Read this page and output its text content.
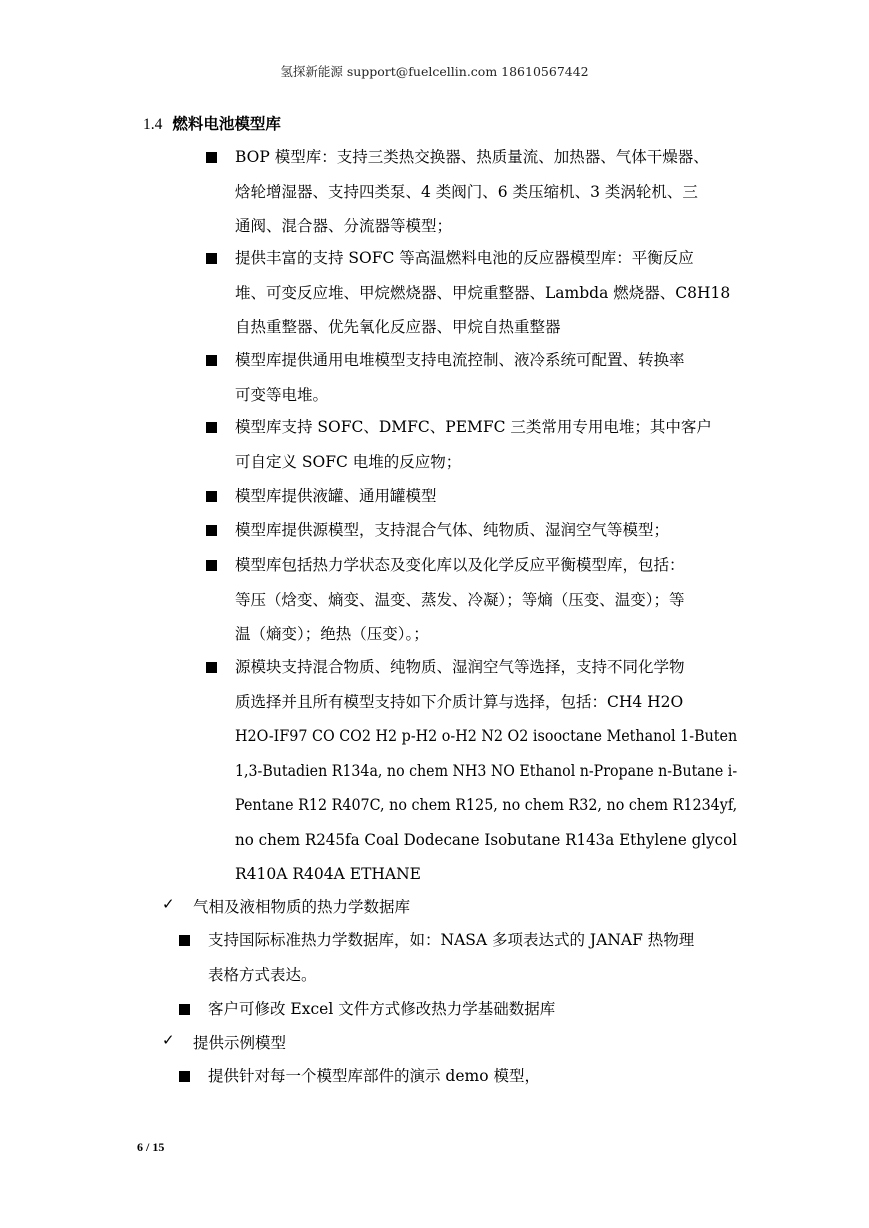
氢探新能源 support@fuelcellin.com 18610567442
1.4 燃料电池模型库
BOP 模型库：支持三类热交换器、热质量流、加热器、气体干燥器、
焓轮增湿器、支持四类泵、4 类阀门、6 类压缩机、3 类涡轮机、三
通阀、混合器、分流器等模型；
提供丰富的支持 SOFC 等高温燃料电池的反应器模型库：平衡反应
堆、可变反应堆、甲烷燃烧器、甲烷重整器、Lambda 燃烧器、C8H18
自热重整器、优先氧化反应器、甲烷自热重整器
模型库提供通用电堆模型支持电流控制、液冷系统可配置、转换率
可变等电堆。
模型库支持 SOFC、DMFC、PEMFC 三类常用专用电堆；其中客户
可自定义 SOFC 电堆的反应物；
模型库提供液罐、通用罐模型
模型库提供源模型，支持混合气体、纯物质、湿润空气等模型；
模型库包括热力学状态及变化库以及化学反应平衡模型库，包括：
等压（焓变、熵变、温变、蒸发、冷凝）；等熵（压变、温变）；等
温（熵变）；绝热（压变）。；
源模块支持混合物质、纯物质、湿润空气等选择，支持不同化学物
质选择并且所有模型支持如下介质计算与选择，包括：CH4 H2O
H2O-IF97 CO CO2 H2 p-H2 o-H2 N2 O2 isooctane Methanol 1-Buten
1,3-Butadien R134a, no chem NH3 NO Ethanol n-Propane n-Butane i-
Pentane R12 R407C, no chem R125, no chem R32, no chem R1234yf,
no chem R245fa Coal Dodecane Isobutane R143a Ethylene glycol
R410A R404A ETHANE
支持国际标准热力学数据库，如：NASA 多项表达式的 JANAF 热物理
表格方式表达。
客户可修改 Excel 文件方式修改热力学基础数据库
提供针对每一个模型库部件的演示 demo 模型，
✓ 气相及液相物质的热力学数据库
✓ 提供示例模型
6 / 15
